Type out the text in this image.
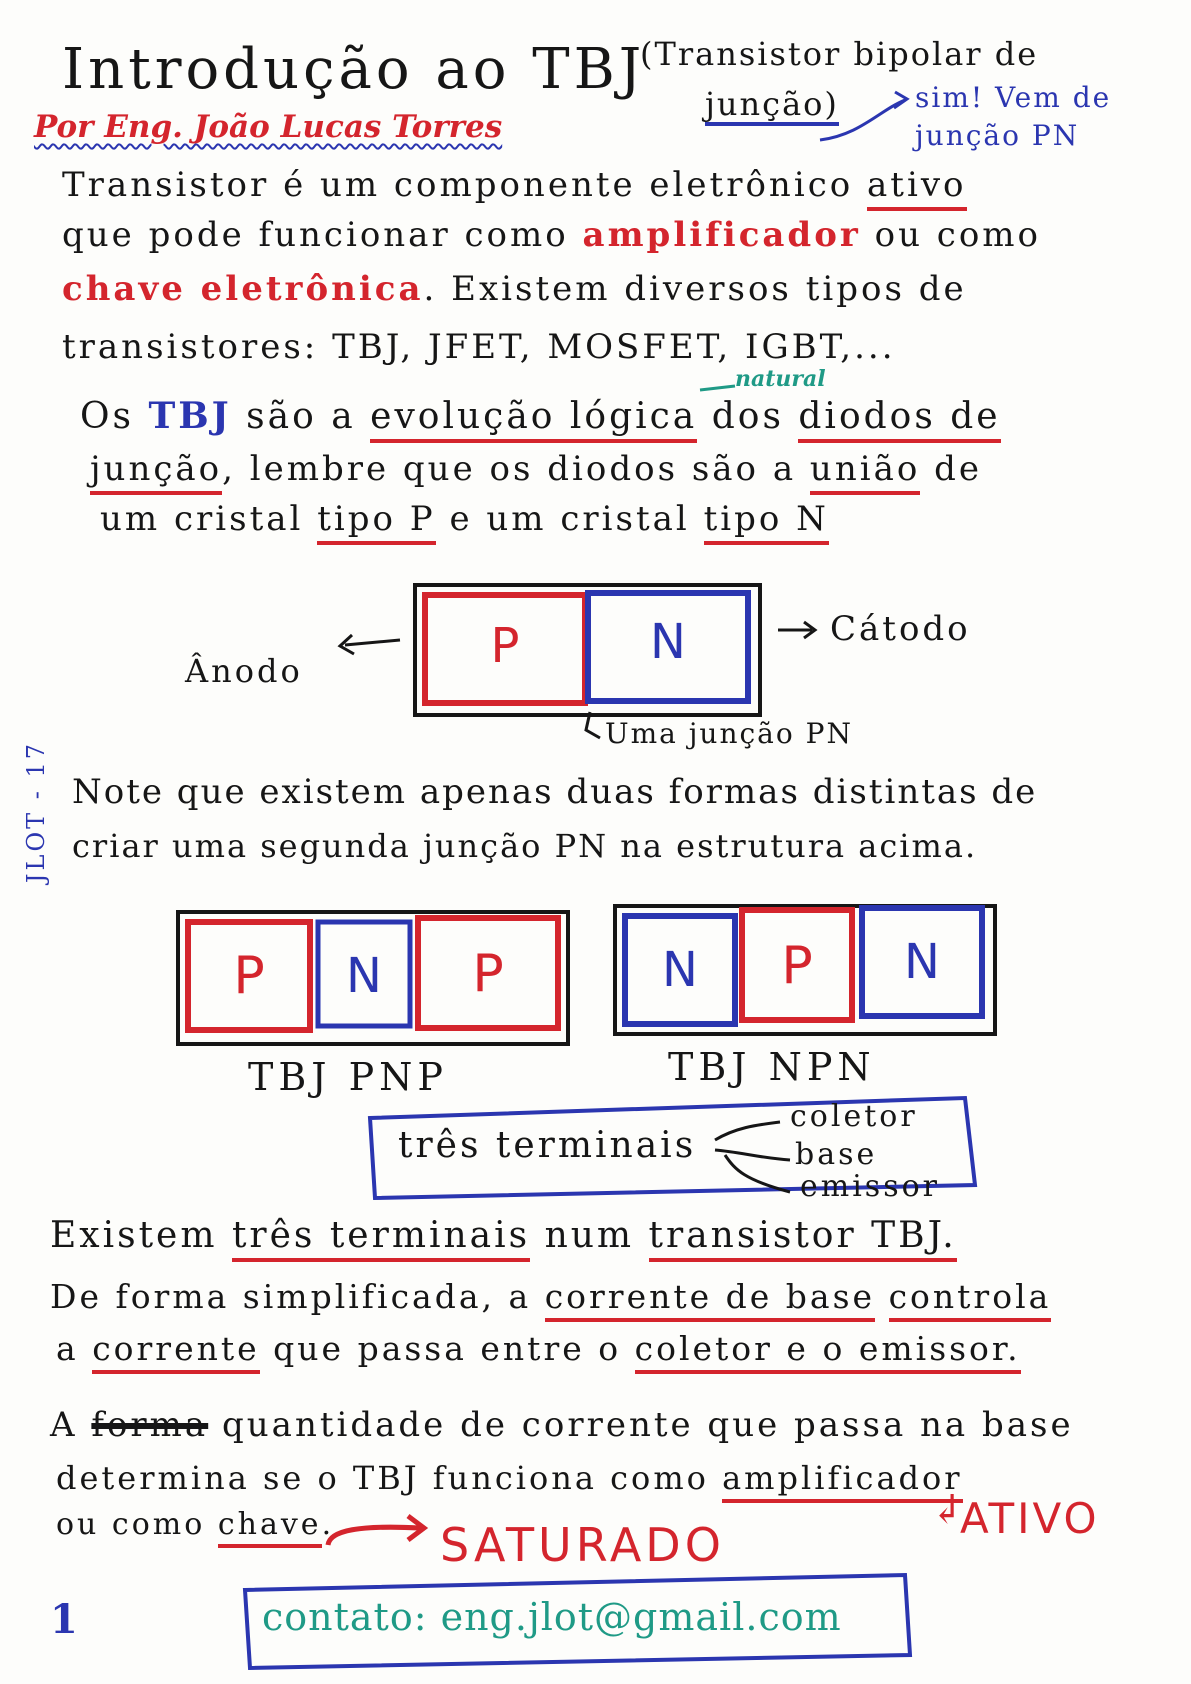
Introdução ao TBJ
(Transistor bipolar de
junção)	sim! Vem de
junção PN
Por Eng. João Lucas Torres
Transistor é um componente eletrônico ativo
que pode funcionar como amplificador ou como
chave eletrônica. Existem diversos tipos de
transistores: TBJ, JFET, MOSFET, IGBT,...
natural
Os TBJ são a evolução lógica dos diodos de
junção, lembre que os diodos são a união de
um cristal tipo P e um cristal tipo N
P	N
Ânodo
Cátodo
Uma junção PN
JLOT - 17 Note que existem apenas duas formas distintas de
criar uma segunda junção PN na estrutura acima.
P	N	P
TBJ PNP
N	P	N
TBJ NPN
três terminais
coletor
base
emissor
Existem três terminais num transistor TBJ.
De forma simplificada, a corrente de base controla
a corrente que passa entre o coletor e o emissor.
A forma quantidade de corrente que passa na base
determina se o TBJ funciona como amplificador
ou como chave. SATURADO	ATIVO
↲
1	contato: eng.jlot@gmail.com
